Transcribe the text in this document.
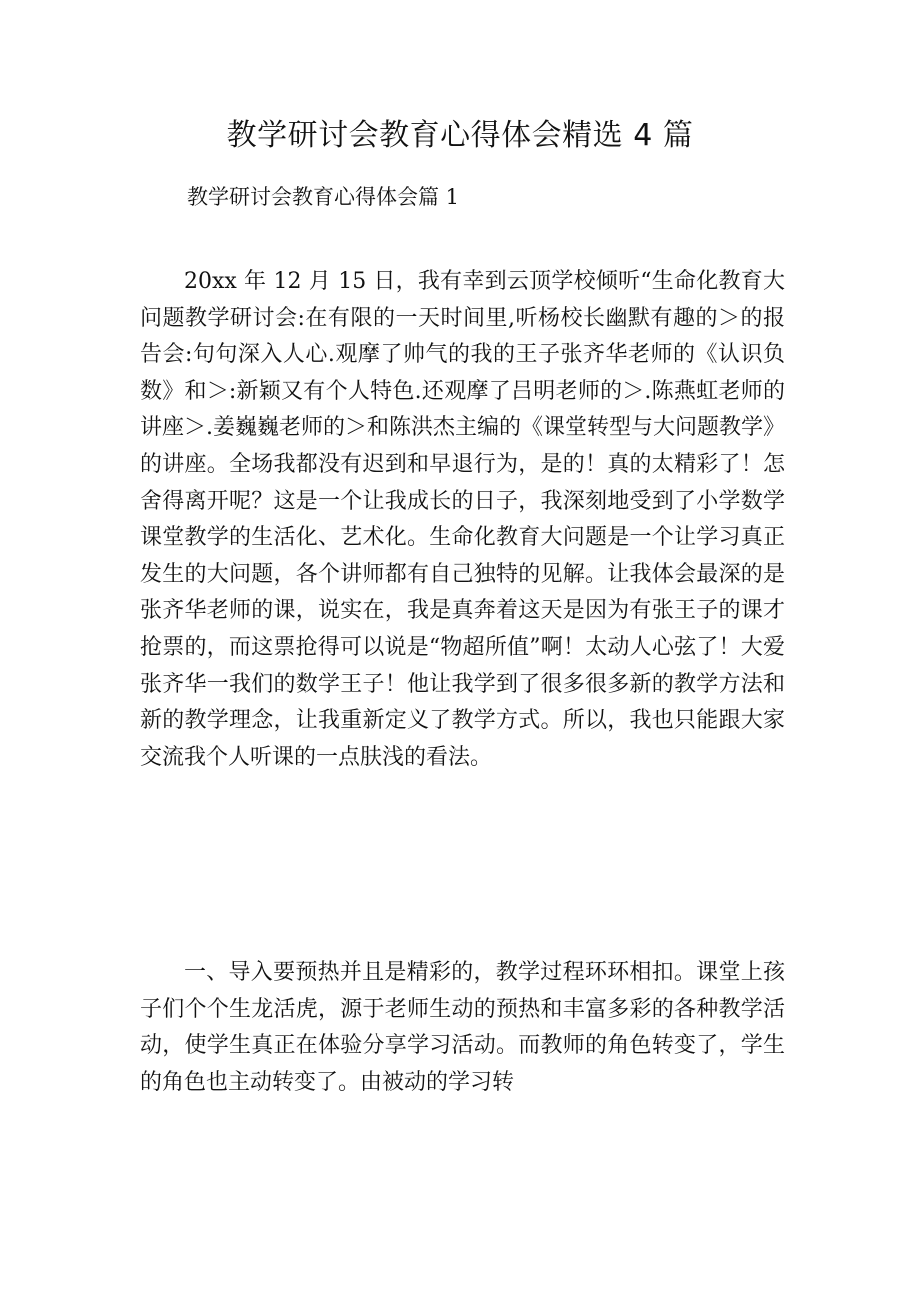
教学研讨会教育心得体会精选 4 篇

教学研讨会教育心得体会篇 1

20xx 年 12 月 15 日，我有幸到云顶学校倾听“生命化教育大问题教学研讨会:在有限的一天时间里,听杨校长幽默有趣的＞的报告会:句句深入人心.观摩了帅气的我的王子张齐华老师的《认识负数》和＞:新颖又有个人特色.还观摩了吕明老师的＞.陈燕虹老师的讲座＞.姜巍巍老师的＞和陈洪杰主编的《课堂转型与大问题教学》的讲座。全场我都没有迟到和早退行为，是的！真的太精彩了！怎舍得离开呢？这是一个让我成长的日子，我深刻地受到了小学数学课堂教学的生活化、艺术化。生命化教育大问题是一个让学习真正发生的大问题，各个讲师都有自己独特的见解。让我体会最深的是张齐华老师的课，说实在，我是真奔着这天是因为有张王子的课才抢票的，而这票抢得可以说是“物超所值”啊！太动人心弦了！大爱张齐华一我们的数学王子！他让我学到了很多很多新的教学方法和新的教学理念，让我重新定义了教学方式。所以，我也只能跟大家交流我个人听课的一点肤浅的看法。

一、导入要预热并且是精彩的，教学过程环环相扣。课堂上孩子们个个生龙活虎，源于老师生动的预热和丰富多彩的各种教学活动，使学生真正在体验分享学习活动。而教师的角色转变了，学生的角色也主动转变了。由被动的学习转
